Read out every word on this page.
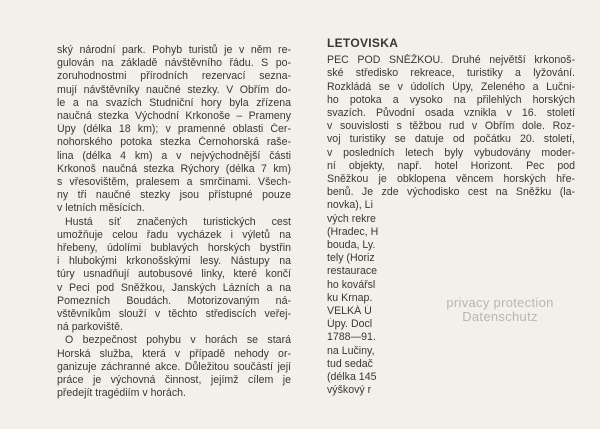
ský národní park. Pohyb turistů je v něm re-
gulován na základě návštěvního řádu. S po-
zoruhodnostmi přírodních rezervací sezna-
mují návštěvníky naučné stezky. V Obřím do-
le a na svazích Studniční hory byla zřízena
naučná stezka Východní Krkonoše – Prameny
Úpy (délka 18 km); v pramenné oblasti Čer-
nohorského potoka stezka Černohorská raše-
lina (délka 4 km) a v nejvýchodnější části
Krkonoš naučná stezka Rýchory (délka 7 km)
s vřesovištěm, pralesem a smrčinami. Všech-
ny tři naučné stezky jsou přístupné pouze
v letních měsících.
Hustá síť značených turistických cest
umožňuje celou řadu vycházek i výletů na
hřebeny, údolími bublavých horských bystřin
i hlubokými krkonošskými lesy. Nástupy na
túry usnadňují autobusové linky, které končí
v Peci pod Sněžkou, Janských Lázních a na
Pomezních Boudách. Motorizovaným ná-
vštěvníkům slouží v těchto střediscích veřej-
ná parkoviště.
O bezpečnost pohybu v horách se stará
Horská služba, která v případě nehody or-
ganizuje záchranné akce. Důležitou součástí její
práce je výchovná činnost, jejímž cílem je
předejít tragédiím v horách.
LETOVISKA
PEC POD SNĚŽKOU. Druhé největší krkonoš-
ské středisko rekreace, turistiky a lyžování.
Rozkládá se v údolích Úpy, Zeleného a Lučni-
ho potoka a vysoko na přilehlých horských
svazích. Původní osada vznikla v 16. století
v souvislosti s těžbou rud v Obřím dole. Roz-
voj turistiky se datuje od počátku 20. století,
v posledních letech byly vybudovány moder-
ní objekty, např. hotel Horizont. Pec pod
Sněžkou je obklopena věncem horských hře-
benů. Je zde východisko cest na Sněžku (la-
novka), Li
vých rekre
(Hradec, H
bouda, Ly.
tely (Horiz
restaurace
ho kovářsl
ku Krnap.
VELKÁ Ú
Úpy. Docl
1788—91.
na Lučiny,
tud sedač
(délka 145
výškový r
privacy protection
Datenschutz
